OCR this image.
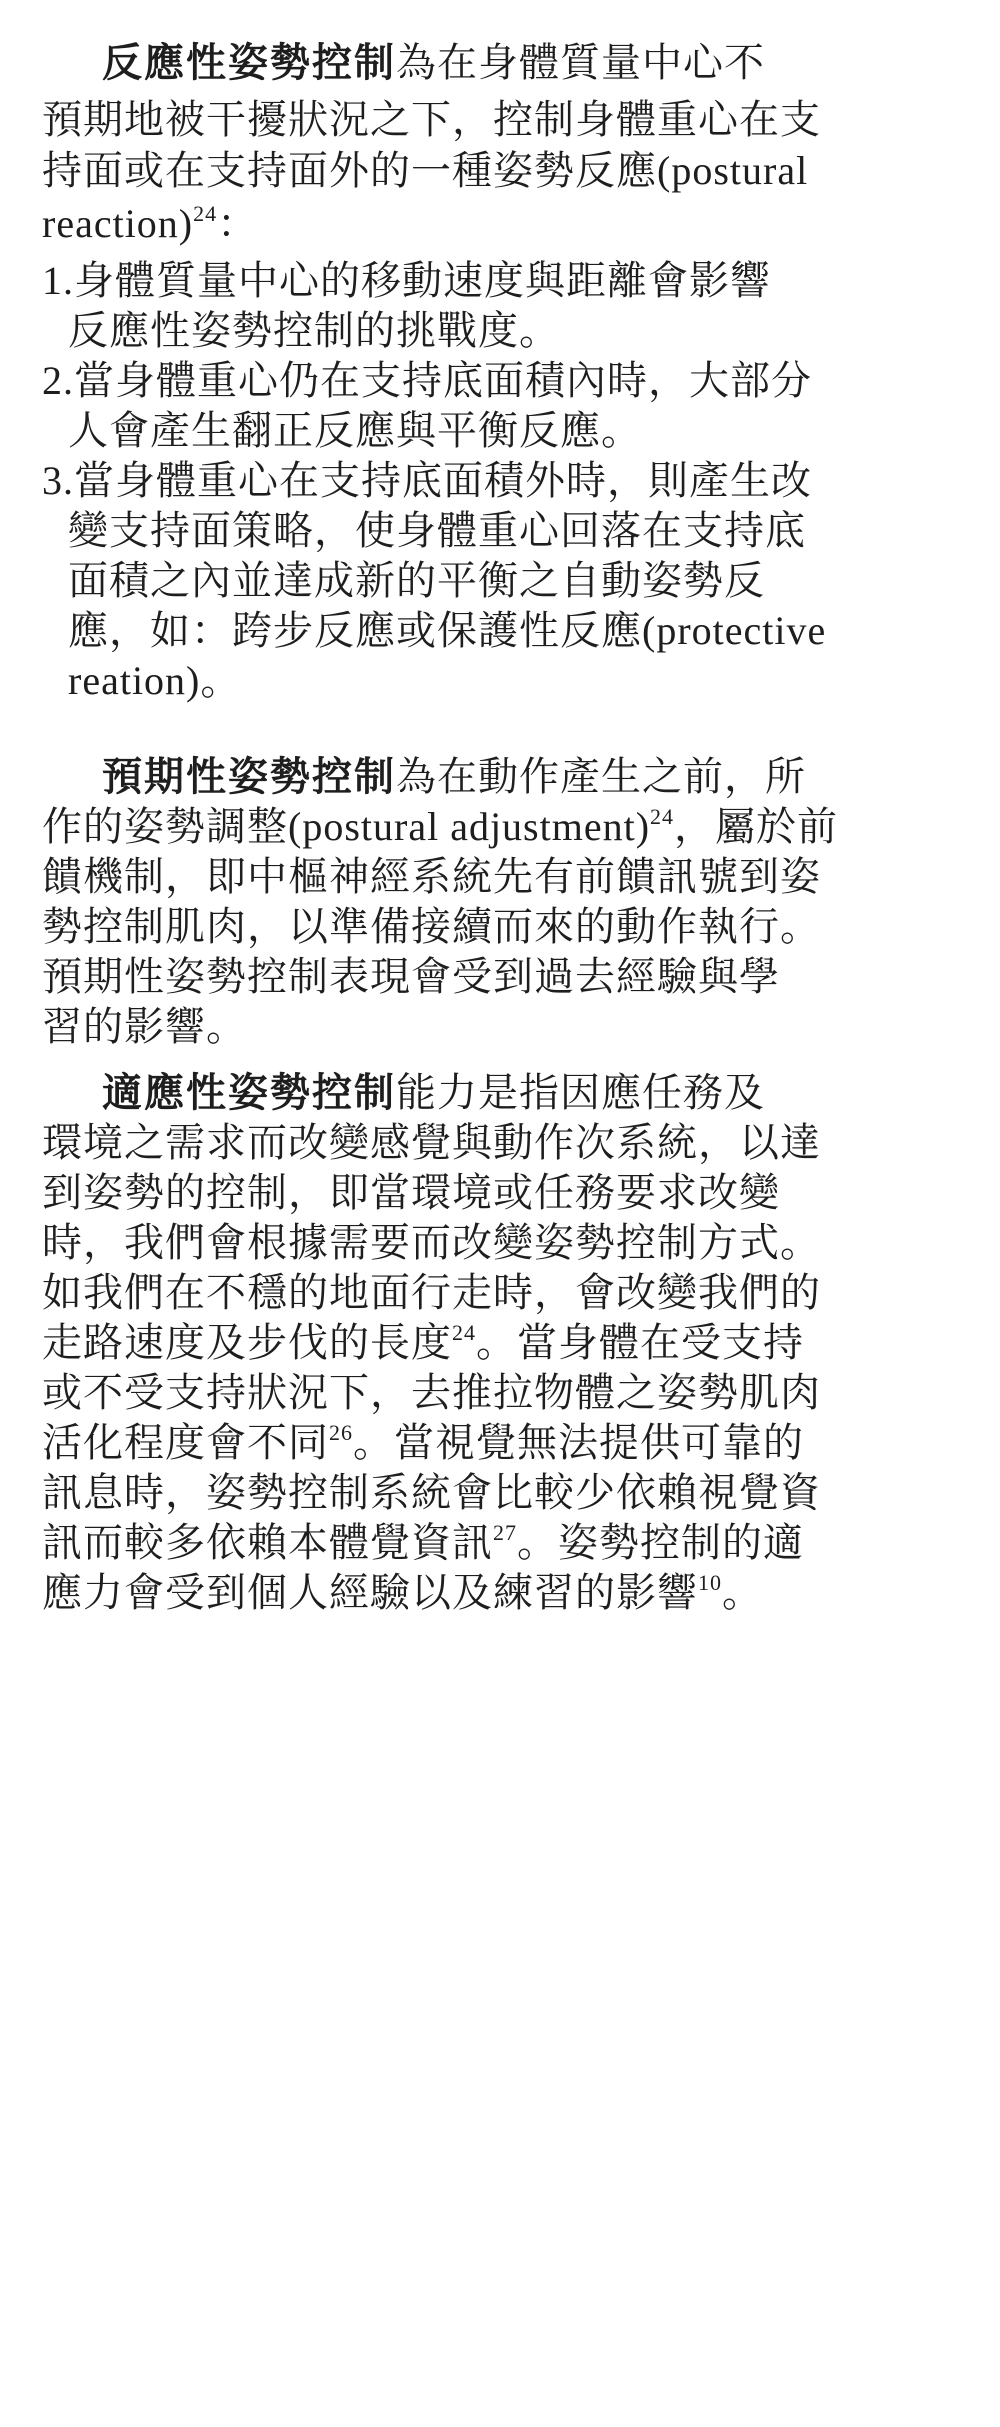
反應性姿勢控制為在身體質量中心不
預期地被干擾狀況之下，控制身體重心在支
持面或在支持面外的一種姿勢反應(postural
reaction)$^{24}$：
1.身體質量中心的移動速度與距離會影響
反應性姿勢控制的挑戰度。
2.當身體重心仍在支持底面積內時，大部分
人會產生翻正反應與平衡反應。
3.當身體重心在支持底面積外時，則產生改
變支持面策略，使身體重心回落在支持底
面積之內並達成新的平衡之自動姿勢反
應，如：跨步反應或保護性反應(protective
reation)。
預期性姿勢控制為在動作產生之前，所
作的姿勢調整(postural adjustment)$^{24}$，屬於前
饋機制，即中樞神經系統先有前饋訊號到姿
勢控制肌肉，以準備接續而來的動作執行。
預期性姿勢控制表現會受到過去經驗與學
習的影響。
適應性姿勢控制能力是指因應任務及
環境之需求而改變感覺與動作次系統，以達
到姿勢的控制，即當環境或任務要求改變
時，我們會根據需要而改變姿勢控制方式。
如我們在不穩的地面行走時，會改變我們的
走路速度及步伐的長度$^{24}$。當身體在受支持
或不受支持狀況下，去推拉物體之姿勢肌肉
活化程度會不同$^{26}$。當視覺無法提供可靠的
訊息時，姿勢控制系統會比較少依賴視覺資
訊而較多依賴本體覺資訊$^{27}$。姿勢控制的適
應力會受到個人經驗以及練習的影響$^{10}$。
